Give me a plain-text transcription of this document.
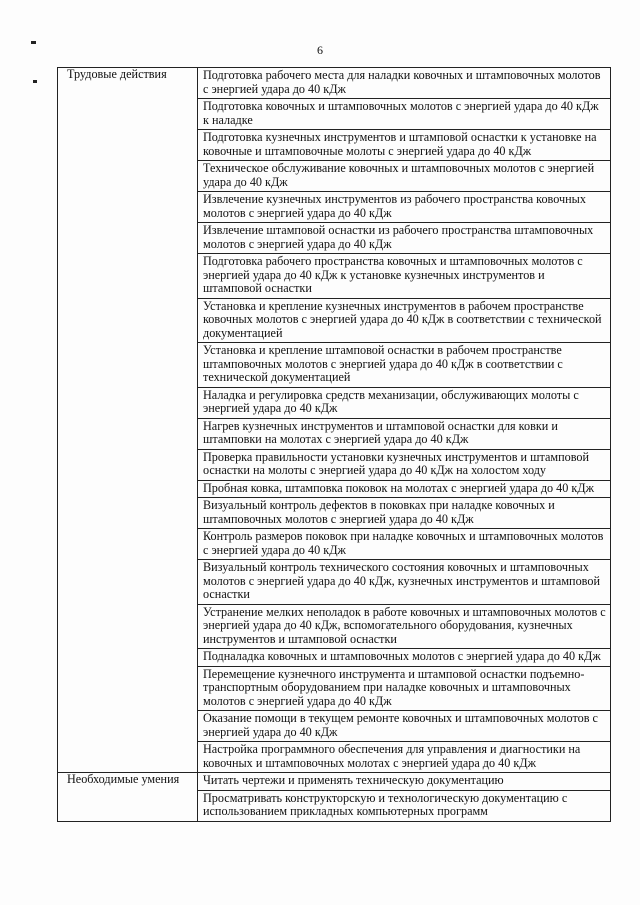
6
Трудовые действия	Подготовка рабочего места для наладки ковочных и штамповочных молотов с энергией удара до 40 кДж
	Подготовка ковочных и штамповочных молотов с энергией удара до 40 кДж к наладке
	Подготовка кузнечных инструментов и штамповой оснастки к установке на ковочные и штамповочные молоты с энергией удара до 40 кДж
	Техническое обслуживание ковочных и штамповочных молотов с энергией удара до 40 кДж
	Извлечение кузнечных инструментов из рабочего пространства ковочных молотов с энергией удара до 40 кДж
	Извлечение штамповой оснастки из рабочего пространства штамповочных молотов с энергией удара до 40 кДж
	Подготовка рабочего пространства ковочных и штамповочных молотов с энергией удара до 40 кДж к установке кузнечных инструментов и штамповой оснастки
	Установка и крепление кузнечных инструментов в рабочем пространстве ковочных молотов с энергией удара до 40 кДж в соответствии с технической документацией
	Установка и крепление штамповой оснастки в рабочем пространстве штамповочных молотов с энергией удара до 40 кДж в соответствии с технической документацией
	Наладка и регулировка средств механизации, обслуживающих молоты с энергией удара до 40 кДж
	Нагрев кузнечных инструментов и штамповой оснастки для ковки и штамповки на молотах с энергией удара до 40 кДж
	Проверка правильности установки кузнечных инструментов и штамповой оснастки на молоты с энергией удара до 40 кДж на холостом ходу
	Пробная ковка, штамповка поковок на молотах с энергией удара до 40 кДж
	Визуальный контроль дефектов в поковках при наладке ковочных и штамповочных молотов с энергией удара до 40 кДж
	Контроль размеров поковок при наладке ковочных и штамповочных молотов с энергией удара до 40 кДж
	Визуальный контроль технического состояния ковочных и штамповочных молотов с энергией удара до 40 кДж, кузнечных инструментов и штамповой оснастки
	Устранение мелких неполадок в работе ковочных и штамповочных молотов с энергией удара до 40 кДж, вспомогательного оборудования, кузнечных инструментов и штамповой оснастки
	Подналадка ковочных и штамповочных молотов с энергией удара до 40 кДж
	Перемещение кузнечного инструмента и штамповой оснастки подъемно-транспортным оборудованием при наладке ковочных и штамповочных молотов с энергией удара до 40 кДж
	Оказание помощи в текущем ремонте ковочных и штамповочных молотов с энергией удара до 40 кДж
	Настройка программного обеспечения для управления и диагностики на ковочных и штамповочных молотах с энергией удара до 40 кДж
Необходимые умения	Читать чертежи и применять техническую документацию
	Просматривать конструкторскую и технологическую документацию с использованием прикладных компьютерных программ
